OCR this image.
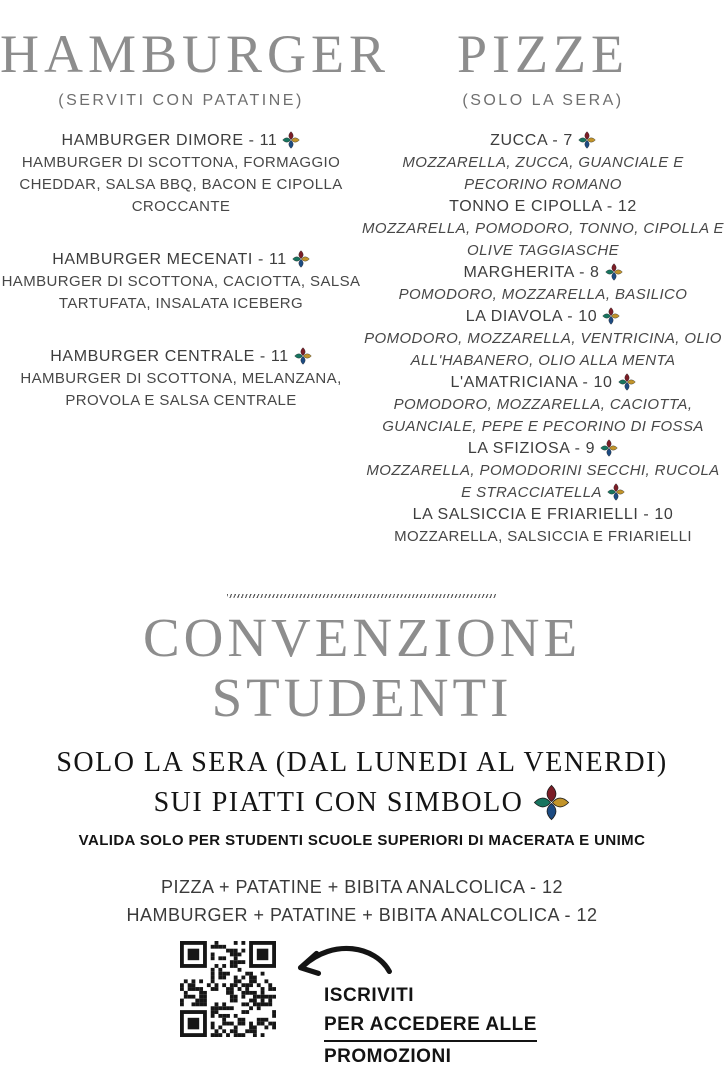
HAMBURGER
(SERVITI CON PATATINE)
HAMBURGER DIMORE - 11
HAMBURGER DI SCOTTONA, FORMAGGIO CHEDDAR, SALSA BBQ, BACON E CIPOLLA CROCCANTE
HAMBURGER MECENATI - 11
HAMBURGER DI SCOTTONA, CACIOTTA, SALSA TARTUFATA, INSALATA ICEBERG
HAMBURGER CENTRALE - 11
HAMBURGER DI SCOTTONA, MELANZANA, PROVOLA E SALSA CENTRALE
PIZZE
(SOLO LA SERA)
ZUCCA - 7
MOZZARELLA, ZUCCA, GUANCIALE E PECORINO ROMANO
TONNO E CIPOLLA - 12
MOZZARELLA, POMODORO, TONNO, CIPOLLA E OLIVE TAGGIASCHE
MARGHERITA - 8
POMODORO, MOZZARELLA, BASILICO
LA DIAVOLA - 10
POMODORO, MOZZARELLA, VENTRICINA, OLIO ALL'HABANERO, OLIO ALLA MENTA
L'AMATRICIANA - 10
POMODORO, MOZZARELLA, CACIOTTA, GUANCIALE, PEPE E PECORINO DI FOSSA
LA SFIZIOSA - 9
MOZZARELLA, POMODORINI SECCHI, RUCOLA E STRACCIATELLA
LA SALSICCIA E FRIARIELLI - 10
MOZZARELLA, SALSICCIA E FRIARIELLI
CONVENZIONE STUDENTI
SOLO LA SERA (DAL LUNEDI AL VENERDI)
SUI PIATTI CON SIMBOLO
VALIDA SOLO PER STUDENTI SCUOLE SUPERIORI DI MACERATA E UNIMC
PIZZA + PATATINE + BIBITA ANALCOLICA - 12
HAMBURGER + PATATINE + BIBITA ANALCOLICA - 12
ISCRIVITI
PER ACCEDERE ALLE
PROMOZIONI
